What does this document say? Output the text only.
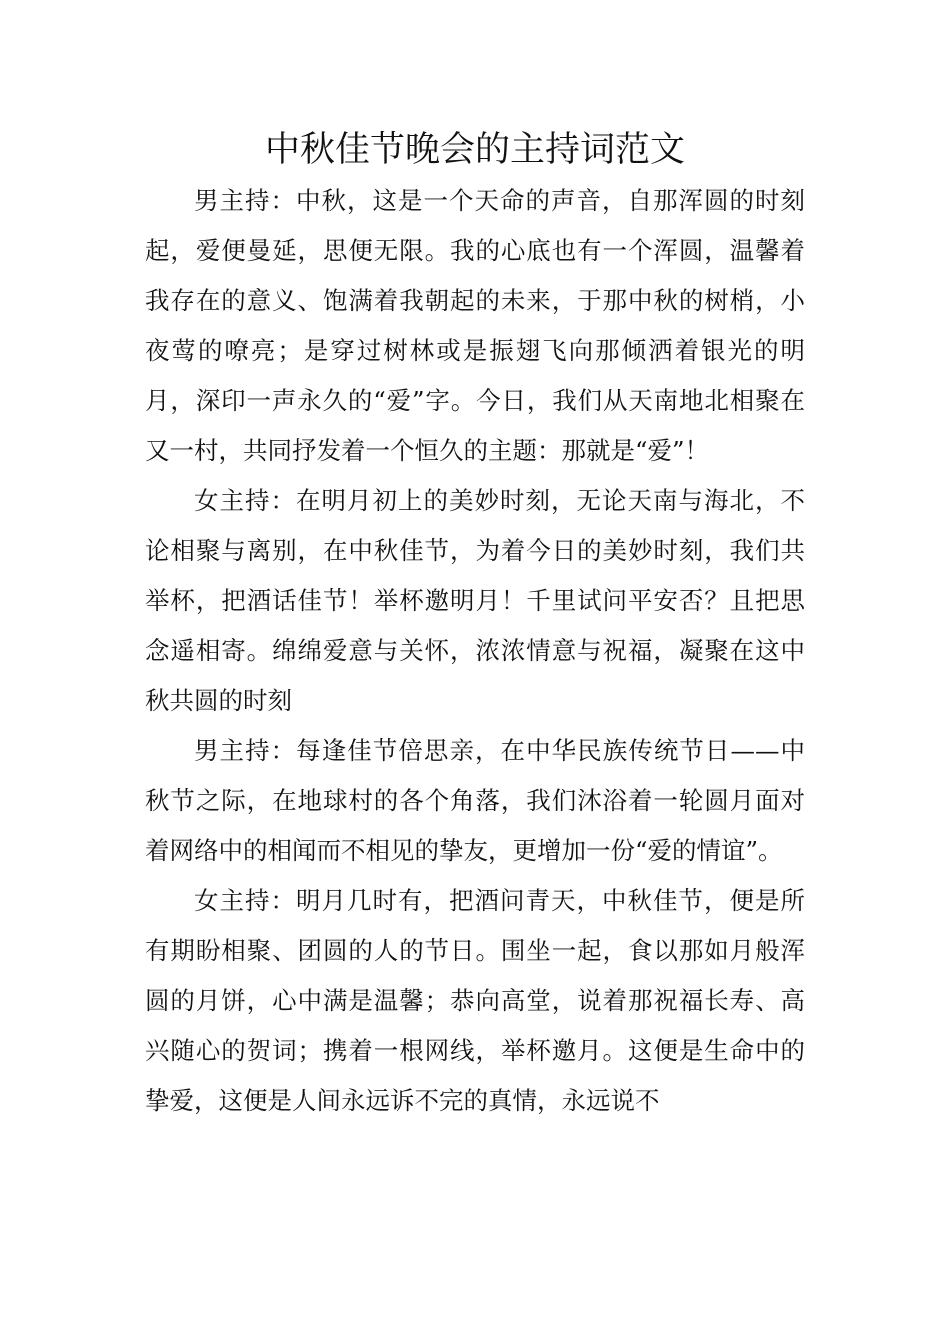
中秋佳节晚会的主持词范文

男主持：中秋，这是一个天命的声音，自那浑圆的时刻起，爱便曼延，思便无限。我的心底也有一个浑圆，温馨着我存在的意义、饱满着我朝起的未来，于那中秋的树梢，小夜莺的嘹亮；是穿过树林或是振翅飞向那倾洒着银光的明月，深印一声永久的“爱”字。今日，我们从天南地北相聚在又一村，共同抒发着一个恒久的主题：那就是“爱”！

女主持：在明月初上的美妙时刻，无论天南与海北，不论相聚与离别，在中秋佳节，为着今日的美妙时刻，我们共举杯，把酒话佳节！举杯邀明月！千里试问平安否？且把思念遥相寄。绵绵爱意与关怀，浓浓情意与祝福，凝聚在这中秋共圆的时刻

男主持：每逢佳节倍思亲，在中华民族传统节日——中秋节之际，在地球村的各个角落，我们沐浴着一轮圆月面对着网络中的相闻而不相见的挚友，更增加一份“爱的情谊”。

女主持：明月几时有，把酒问青天，中秋佳节，便是所有期盼相聚、团圆的人的节日。围坐一起，食以那如月般浑圆的月饼，心中满是温馨；恭向高堂，说着那祝福长寿、高兴随心的贺词；携着一根网线，举杯邀月。这便是生命中的挚爱，这便是人间永远诉不完的真情，永远说不
